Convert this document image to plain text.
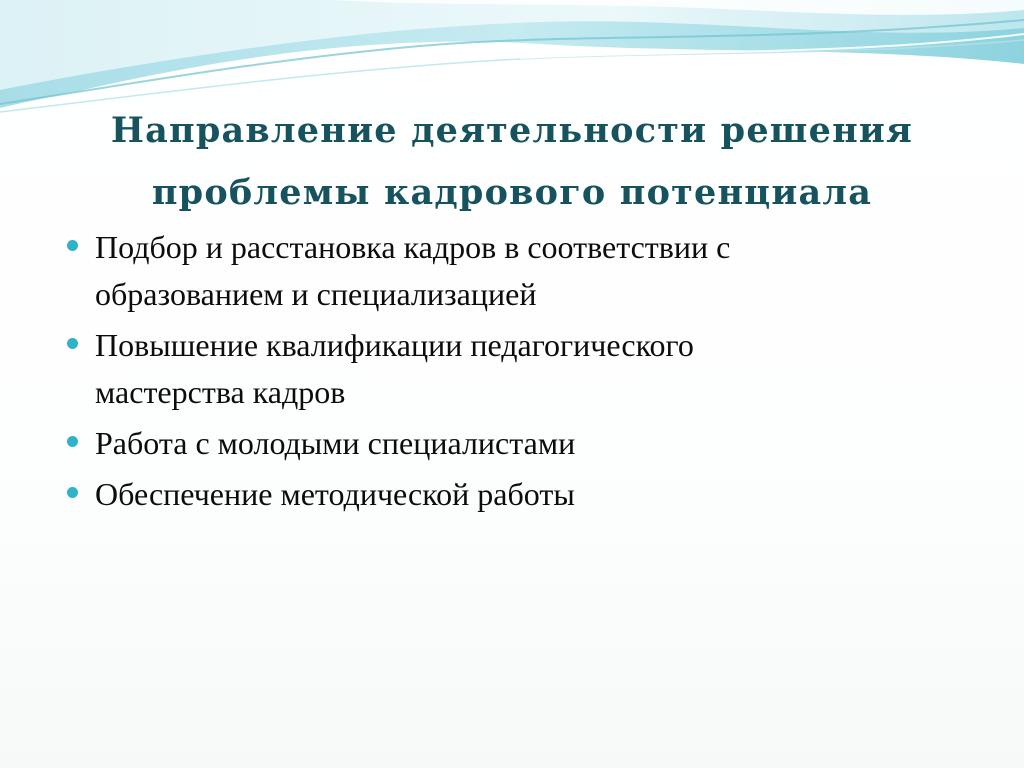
Направление деятельности решения
проблемы кадрового потенциала
Подбор и расстановка кадров в соответствии с
образованием и специализацией
Повышение квалификации педагогического
мастерства кадров
Работа с молодыми специалистами
Обеспечение методической работы
